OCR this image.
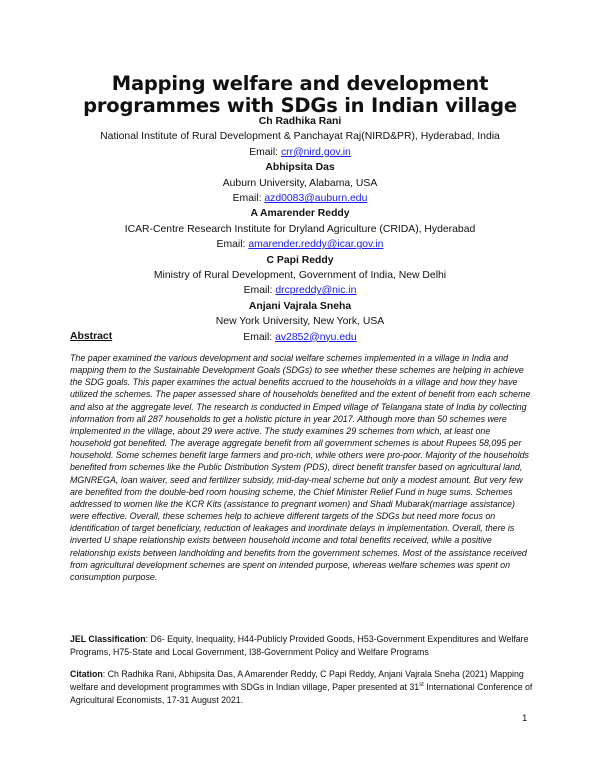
Mapping welfare and development programmes with SDGs in Indian village
Ch Radhika Rani
National Institute of Rural Development & Panchayat Raj(NIRD&PR), Hyderabad, India
Email: crr@nird.gov.in
Abhipsita Das
Auburn University, Alabama, USA
Email: azd0083@auburn.edu
A Amarender Reddy
ICAR-Centre Research Institute for Dryland Agriculture (CRIDA), Hyderabad
Email: amarender.reddy@icar.gov.in
C Papi Reddy
Ministry of Rural Development, Government of India, New Delhi
Email: drcpreddy@nic.in
Anjani Vajrala Sneha
New York University, New York, USA
Email: av2852@nyu.edu
Abstract
The paper examined the various development and social welfare schemes implemented in a village in India and mapping them to the Sustainable Development Goals (SDGs) to see whether these schemes are helping in achieve the SDG goals. This paper examines the actual benefits accrued to the households in a village and how they have utilized the schemes. The paper assessed share of households benefited and the extent of benefit from each scheme and also at the aggregate level. The research is conducted in Emped village of Telangana state of India by collecting information from all 287 households to get a holistic picture in year 2017. Although more than 50 schemes were implemented in the village, about 29 were active. The study examines 29 schemes from which, at least one household got benefited. The average aggregate benefit from all government schemes is about Rupees 58,095 per household. Some schemes benefit large farmers and pro-rich, while others were pro-poor. Majority of the households benefited from schemes like the Public Distribution System (PDS), direct benefit transfer based on agricultural land, MGNREGA, loan waiver, seed and fertilizer subsidy, mid-day-meal scheme but only a modest amount. But very few are benefited from the double-bed room housing scheme, the Chief Minister Relief Fund in huge sums. Schemes addressed to women like the KCR Kits (assistance to pregnant women) and Shadi Mubarak(marriage assistance) were effective. Overall, these schemes help to achieve different targets of the SDGs but need more focus on identification of target beneficiary, reduction of leakages and inordinate delays in implementation. Overall, there is inverted U shape relationship exists between household income and total benefits received, while a positive relationship exists between landholding and benefits from the government schemes. Most of the assistance received from agricultural development schemes are spent on intended purpose, whereas welfare schemes was spent on consumption purpose.
JEL Classification: D6- Equity, Inequality, H44-Publicly Provided Goods, H53-Government Expenditures and Welfare Programs, H75-State and Local Government, I38-Government Policy and Welfare Programs
Citation: Ch Radhika Rani, Abhipsita Das, A Amarender Reddy, C Papi Reddy, Anjani Vajrala Sneha (2021) Mapping welfare and development programmes with SDGs in Indian village, Paper presented at 31st International Conference of Agricultural Economists, 17-31 August 2021.
1
